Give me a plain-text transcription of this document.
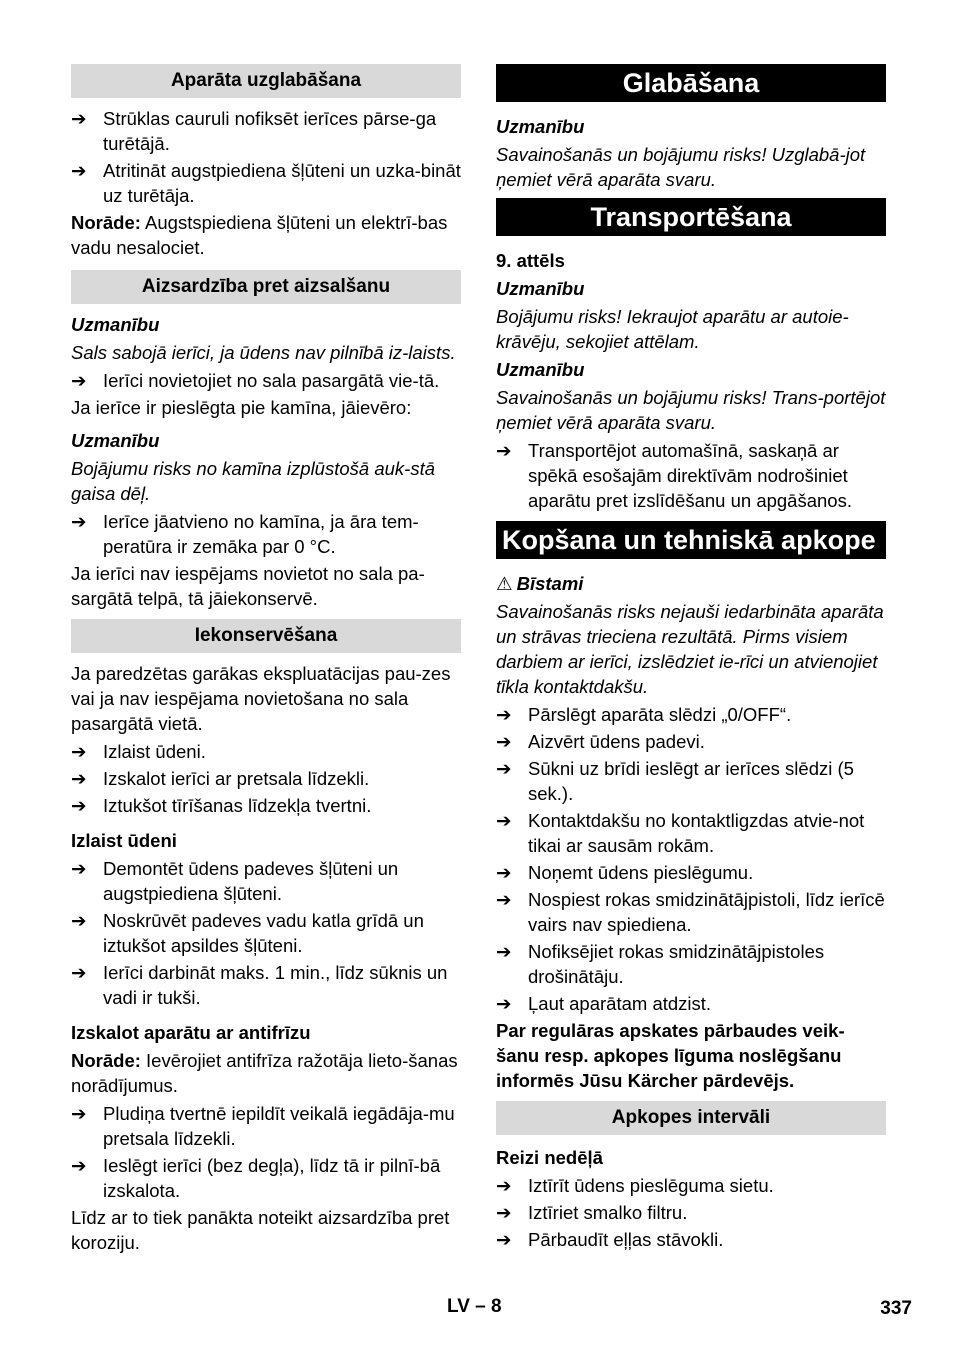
Aparāta uzglabāšana
➔ Strūklas cauruli nofiksēt ierīces pārse-ga turētājā.
➔ Atritināt augstpiediena šļūteni un uzka-bināt uz turētāja.

Norāde: Augstspiediena šļūteni un elektrī-bas vadu nesalociet.

Aizsardzība pret aizsalšanu

Uzmanību

Sals sabojā ierīci, ja ūdens nav pilnībā iz-laists.

➔ Ierīci novietojiet no sala pasargātā vie-tā.

Ja ierīce ir pieslēgta pie kamīna, jāievēro:

Uzmanību

Bojājumu risks no kamīna izplūstošā auk-stā gaisa dēļ.

➔ Ierīce jāatvieno no kamīna, ja āra tem-peratūra ir zemāka par 0 °C.

Ja ierīci nav iespējams novietot no sala pa-sargātā telpā, tā jāiekonservē.

Iekonservēšana

Ja paredzētas garākas ekspluatācijas pau-zes vai ja nav iespējama novietošana no sala pasargātā vietā.

➔ Izlaist ūdeni.
➔ Izskalot ierīci ar pretsala līdzekli.
➔ Iztukšot tīrīšanas līdzekļa tvertni.

Izlaist ūdeni

➔ Demontēt ūdens padeves šļūteni un augstpiediena šļūteni.
➔ Noskrūvēt padeves vadu katla grīdā un iztukšot apsildes šļūteni.
➔ Ierīci darbināt maks. 1 min., līdz sūknis un vadi ir tukši.

Izskalot aparātu ar antifrīzu

Norāde: Ievērojiet antifrīza ražotāja lieto-šanas norādījumus.

➔ Pludiņa tvertnē iepildīt veikalā iegādāja-mu pretsala līdzekli.
➔ Ieslēgt ierīci (bez degļa), līdz tā ir pilnī-bā izskalota.

Līdz ar to tiek panākta noteikt aizsardzība pret koroziju.

Glabāšana

Uzmanību

Savainošanās un bojājumu risks! Uzglabā-jot ņemiet vērā aparāta svaru.

Transportēšana

9. attēls

Uzmanību

Bojājumu risks! Iekraujot aparātu ar autoie-krāvēju, sekojiet attēlam.

Uzmanību

Savainošanās un bojājumu risks! Trans-portējot ņemiet vērā aparāta svaru.

➔ Transportējot automašīnā, saskaņā ar spēkā esošajām direktīvām nodrošiniet aparātu pret izslīdēšanu un apgāšanos.
Kopšana un tehniskā apkope

⚠ Bīstami

Savainošanās risks nejauši iedarbināta aparāta un strāvas trieciena rezultātā. Pirms visiem darbiem ar ierīci, izslēdziet ie-rīci un atvienojiet tīkla kontaktdakšu.

➔ Pārslēgt aparāta slēdzi „0/OFF“.
➔ Aizvērt ūdens padevi.
➔ Sūkni uz brīdi ieslēgt ar ierīces slēdzi (5 sek.).
➔ Kontaktdakšu no kontaktligzdas atvie-not tikai ar sausām rokām.
➔ Noņemt ūdens pieslēgumu.
➔ Nospiest rokas smidzinātājpistoli, līdz ierīcē vairs nav spiediena.
➔ Nofiksējiet rokas smidzinātājpistoles drošinātāju.
➔ Ļaut aparātam atdzist.

Par regulāras apskates pārbaudes veik-šanu resp. apkopes līguma noslēgšanu informēs Jūsu Kärcher pārdevējs.

Apkopes intervāli

Reizi nedēļā

➔ Iztīrīt ūdens pieslēguma sietu.
➔ Iztīriet smalko filtru.
➔ Pārbaudīt eļļas stāvokli.
LV – 8	337
